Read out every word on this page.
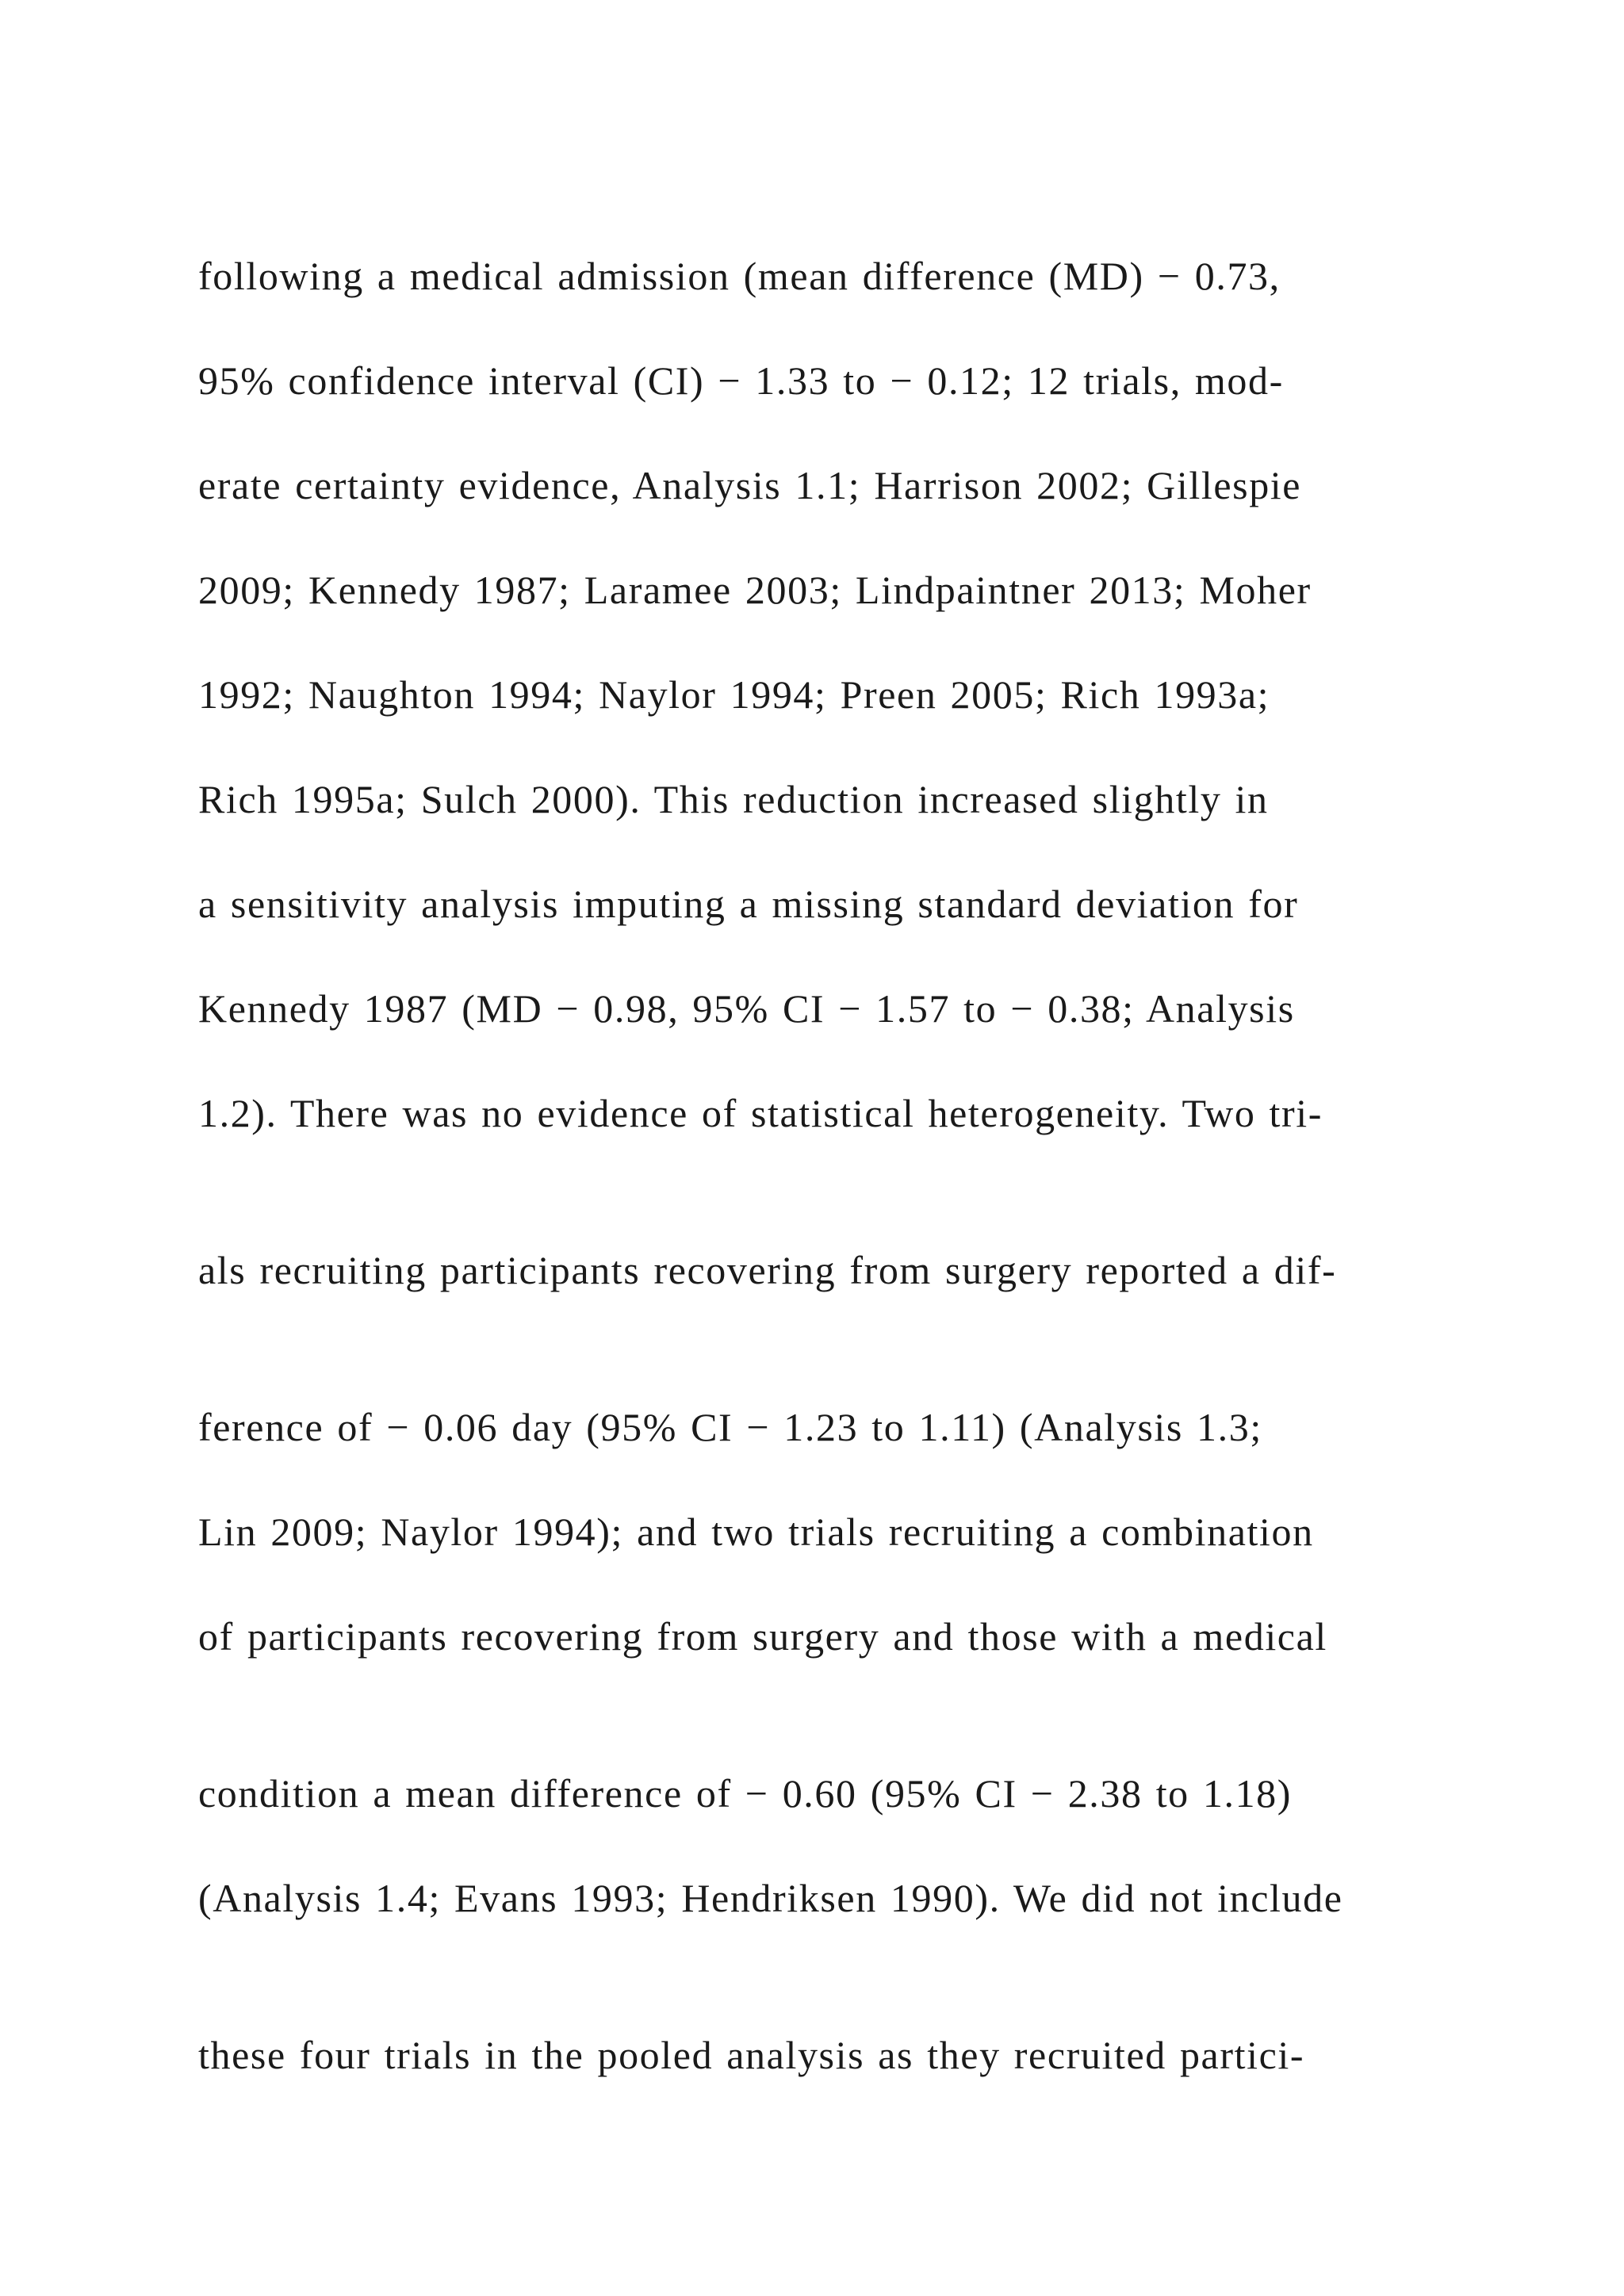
following a medical admission (mean difference (MD) − 0.73,
95% confidence interval (CI) − 1.33 to − 0.12; 12 trials, mod-
erate certainty evidence, Analysis 1.1; Harrison 2002; Gillespie
2009; Kennedy 1987; Laramee 2003; Lindpaintner 2013; Moher
1992; Naughton 1994; Naylor 1994; Preen 2005; Rich 1993a;
Rich 1995a; Sulch 2000). This reduction increased slightly in
a sensitivity analysis imputing a missing standard deviation for
Kennedy 1987 (MD − 0.98, 95% CI − 1.57 to − 0.38; Analysis
1.2). There was no evidence of statistical heterogeneity. Two tri-
als recruiting participants recovering from surgery reported a dif-
ference of − 0.06 day (95% CI − 1.23 to 1.11) (Analysis 1.3;
Lin 2009; Naylor 1994); and two trials recruiting a combination
of participants recovering from surgery and those with a medical
condition a mean difference of − 0.60 (95% CI − 2.38 to 1.18)
(Analysis 1.4; Evans 1993; Hendriksen 1990). We did not include
these four trials in the pooled analysis as they recruited partici-
